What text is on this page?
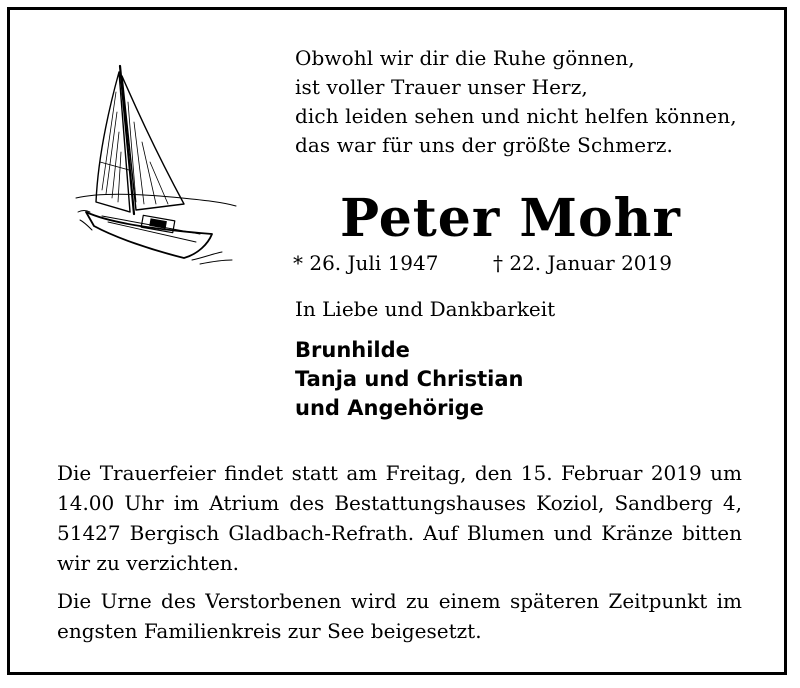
Obwohl wir dir die Ruhe gönnen,
ist voller Trauer unser Herz,
dich leiden sehen und nicht helfen können,
das war für uns der größte Schmerz.
Peter Mohr
* 26. Juli 1947	† 22. Januar 2019
In Liebe und Dankbarkeit
Brunhilde
Tanja und Christian
und Angehörige
Die Trauerfeier findet statt am Freitag, den 15. Februar 2019 um 14.00 Uhr im Atrium des Bestattungshauses Koziol, Sandberg 4, 51427 Bergisch Gladbach-Refrath. Auf Blumen und Kränze bitten wir zu verzichten.
Die Urne des Verstorbenen wird zu einem späteren Zeitpunkt im engsten Familienkreis zur See beigesetzt.
